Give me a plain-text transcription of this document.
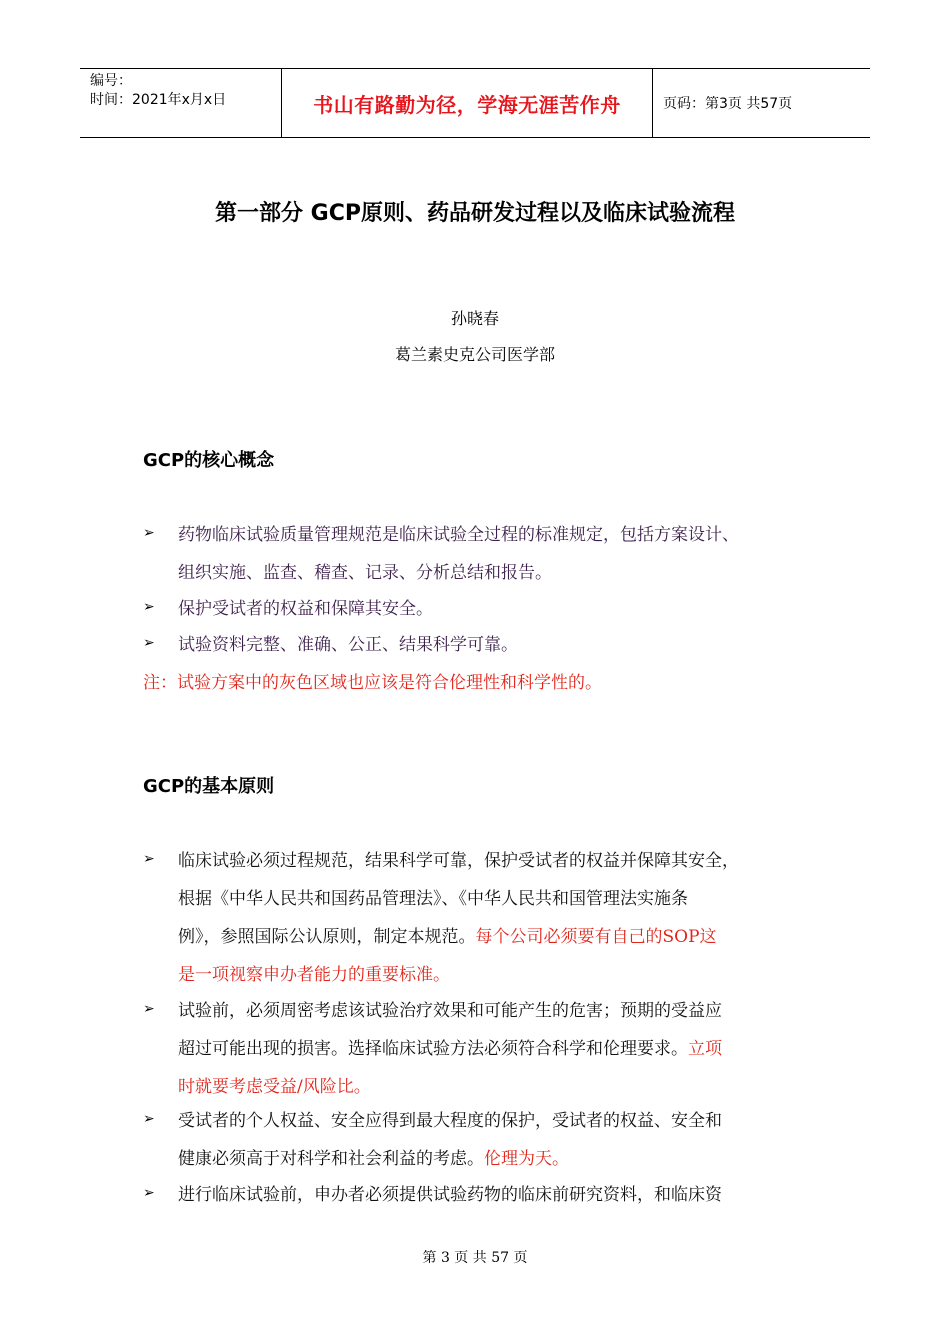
编号：
时间：2021年x月x日	书山有路勤为径，学海无涯苦作舟	页码：第3页 共57页
第一部分 GCP原则、药品研发过程以及临床试验流程
孙晓春
葛兰素史克公司医学部
GCP的核心概念
➢ 药物临床试验质量管理规范是临床试验全过程的标准规定，包括方案设计、
组织实施、监查、稽查、记录、分析总结和报告。
➢ 保护受试者的权益和保障其安全。
➢ 试验资料完整、准确、公正、结果科学可靠。
注：试验方案中的灰色区域也应该是符合伦理性和科学性的。
GCP的基本原则
➢ 临床试验必须过程规范，结果科学可靠，保护受试者的权益并保障其安全，
根据《中华人民共和国药品管理法》、《中华人民共和国管理法实施条
例》，参照国际公认原则，制定本规范。每个公司必须要有自己的SOP这
是一项视察申办者能力的重要标准。
➢ 试验前，必须周密考虑该试验治疗效果和可能产生的危害；预期的受益应
超过可能出现的损害。选择临床试验方法必须符合科学和伦理要求。立项
时就要考虑受益/风险比。
➢ 受试者的个人权益、安全应得到最大程度的保护，受试者的权益、安全和
健康必须高于对科学和社会利益的考虑。伦理为天。
➢ 进行临床试验前，申办者必须提供试验药物的临床前研究资料，和临床资
第 3 页 共 57 页
